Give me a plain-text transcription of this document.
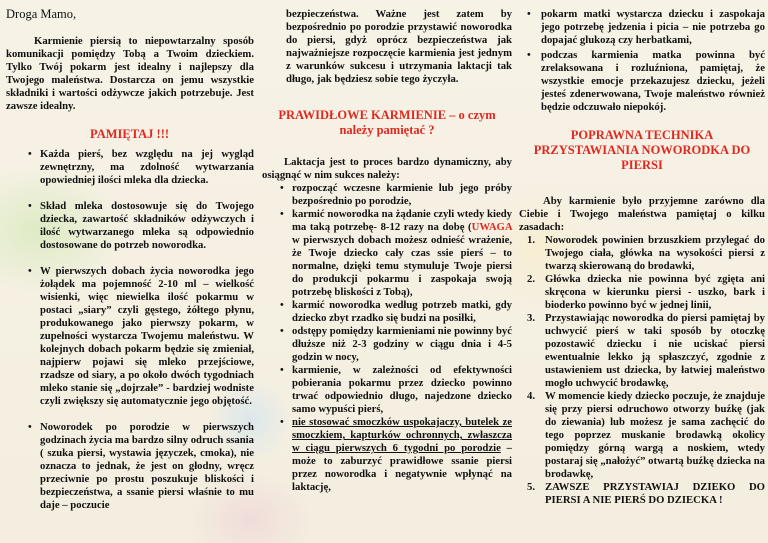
Droga Mamo,

Karmienie piersią to niepowtarzalny sposób komunikacji pomiędzy Tobą a Twoim dzieckiem. Tylko Twój pokarm jest idealny i najlepszy dla Twojego maleństwa. Dostarcza on jemu wszystkie składniki i wartości odżywcze jakich potrzebuje. Jest zawsze idealny.

PAMIĘTAJ !!!
• Każda pierś, bez względu na jej wygląd zewnętrzny, ma zdolność wytwarzania opowiedniej ilości mleka dla dziecka.
• Skład mleka dostosowuje się do Twojego dziecka, zawartość składników odżywczych i ilość wytwarzanego mleka są odpowiednio dostosowane do potrzeb noworodka.
• W pierwszych dobach życia noworodka jego żołądek ma pojemność 2-10 ml – wielkość wisienki, więc niewielka ilość pokarmu w postaci „siary” czyli gęstego, żółtego płynu, produkowanego jako pierwszy pokarm, w zupełności wystarcza Twojemu maleństwu. W kolejnych dobach pokarm będzie się zmieniał, najpierw pojawi się mleko przejściowe, rzadsze od siary, a po około dwóch tygodniach mleko stanie się „dojrzałe” - bardziej wodniste czyli zwiększy się automatycznie jego objętość.
• Noworodek po porodzie w pierwszych godzinach życia ma bardzo silny odruch ssania ( szuka piersi, wystawia języczek, cmoka), nie oznacza to jednak, że jest on głodny, wręcz przeciwnie po prostu poszukuje bliskości i bezpieczeństwa, a ssanie piersi właśnie to mu daje – poczucie

bezpieczeństwa. Ważne jest zatem by bezpośrednio po porodzie przystawić noworodka do piersi, gdyż oprócz bezpieczeństwa jak najważniejsze rozpoczęcie karmienia jest jednym z warunków sukcesu i utrzymania laktacji tak długo, jak będziesz sobie tego życzyła.

PRAWIDŁOWE KARMIENIE – o czym należy pamiętać ?

Laktacja jest to proces bardzo dynamiczny, aby osiągnąć w nim sukces należy:

• rozpocząć wczesne karmienie lub jego próby bezpośrednio po porodzie,
• karmić noworodka na żądanie czyli wtedy kiedy ma taką potrzebę- 8-12 razy na dobę (UWAGA w pierwszych dobach możesz odnieść wrażenie, że Twoje dziecko cały czas ssie pierś – to normalne, dzięki temu stymuluje Twoje piersi do produkcji pokarmu i zaspokaja swoją potrzebę bliskości z Tobą),
• karmić noworodka według potrzeb matki, gdy dziecko zbyt rzadko się budzi na posiłki,
• odstępy pomiędzy karmieniami nie powinny być dłuższe niż 2-3 godziny w ciągu dnia i 4-5 godzin w nocy,
• karmienie, w zależności od efektywności pobierania pokarmu przez dziecko powinno trwać odpowiednio długo, najedzone dziecko samo wypuści pierś,
• nie stosować smoczków uspokajaczy, butelek ze smoczkiem, kapturków ochronnych, zwłaszcza w ciągu pierwszych 6 tygodni po porodzie – może to zaburzyć prawidłowe ssanie piersi przez noworodka i negatywnie wpłynąć na laktację,
• pokarm matki wystarcza dziecku i zaspokaja jego potrzebę jedzenia i picia – nie potrzeba go dopajać glukozą czy herbatkami,
• podczas karmienia matka powinna być zrelaksowana i rozluźniona, pamiętaj, że wszystkie emocje przekazujesz dziecku, jeżeli jesteś zdenerwowana, Twoje maleństwo również będzie odczuwało niepokój.
POPRAWNA TECHNIKA PRZYSTAWIANIA NOWORODKA DO PIERSI

Aby karmienie było przyjemne zarówno dla Ciebie i Twojego maleństwa pamiętaj o kilku zasadach:

1. Noworodek powinien brzuszkiem przylegać do Twojego ciała, główka na wysokości piersi z twarzą skierowaną do brodawki,
2. Główka dziecka nie powinna być zgięta ani skręcona w kierunku piersi - uszko, bark i bioderko powinno być w jednej linii,
3. Przystawiając noworodka do piersi pamiętaj by uchwycić pierś w taki sposób by otoczkę pozostawić dziecku i nie uciskać piersi ewentualnie lekko ją spłaszczyć, zgodnie z ustawieniem ust dziecka, by łatwiej maleństwo mogło uchwycić brodawkę,
4. W momencie kiedy dziecko poczuje, że znajduje się przy piersi odruchowo otworzy buźkę (jak do ziewania) lub możesz je sama zachęcić do tego poprzez muskanie brodawką okolicy pomiędzy górną wargą a noskiem, wtedy postaraj się „nałożyć” otwartą buźkę dziecka na brodawkę,
5. ZAWSZE PRZYSTAWIAJ DZIEKO DO PIERSI A NIE PIERŚ DO DZIECKA !
